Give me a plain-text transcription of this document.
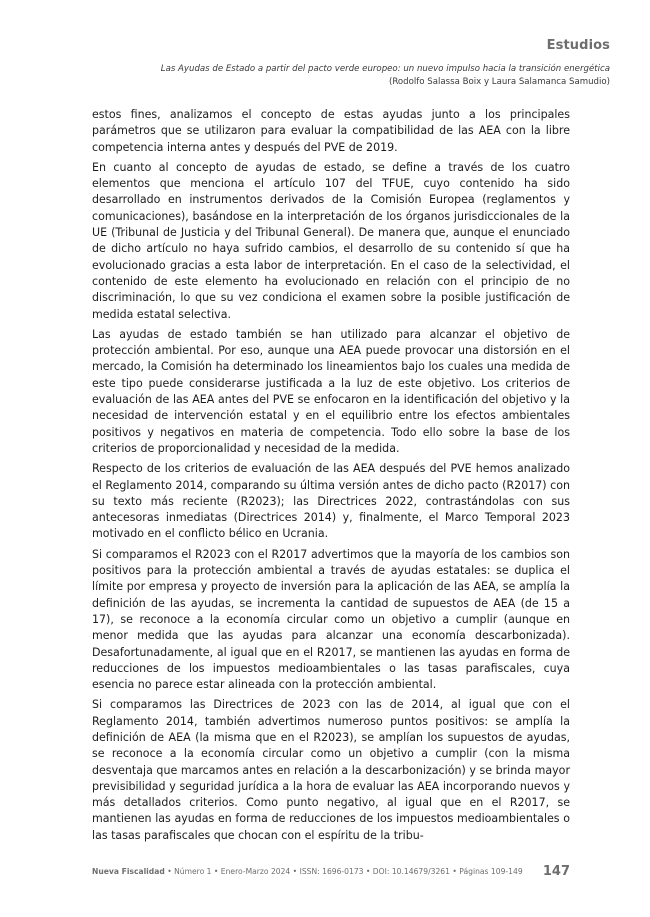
Estudios
Las Ayudas de Estado a partir del pacto verde europeo: un nuevo impulso hacia la transición energética
(Rodolfo Salassa Boix y Laura Salamanca Samudio)

estos fines, analizamos el concepto de estas ayudas junto a los principales parámetros que se utilizaron para evaluar la compatibilidad de las AEA con la libre competencia interna antes y después del PVE de 2019.

En cuanto al concepto de ayudas de estado, se define a través de los cuatro elementos que menciona el artículo 107 del TFUE, cuyo contenido ha sido desarrollado en instrumentos derivados de la Comisión Europea (reglamentos y comunicaciones), basándose en la interpretación de los órganos jurisdiccionales de la UE (Tribunal de Justicia y del Tribunal General). De manera que, aunque el enunciado de dicho artículo no haya sufrido cambios, el desarrollo de su contenido sí que ha evolucionado gracias a esta labor de interpretación. En el caso de la selectividad, el contenido de este elemento ha evolucionado en relación con el principio de no discriminación, lo que su vez condiciona el examen sobre la posible justificación de medida estatal selectiva.

Las ayudas de estado también se han utilizado para alcanzar el objetivo de protección ambiental. Por eso, aunque una AEA puede provocar una distorsión en el mercado, la Comisión ha determinado los lineamientos bajo los cuales una medida de este tipo puede considerarse justificada a la luz de este objetivo. Los criterios de evaluación de las AEA antes del PVE se enfocaron en la identificación del objetivo y la necesidad de intervención estatal y en el equilibrio entre los efectos ambientales positivos y negativos en materia de competencia. Todo ello sobre la base de los criterios de proporcionalidad y necesidad de la medida.

Respecto de los criterios de evaluación de las AEA después del PVE hemos analizado el Reglamento 2014, comparando su última versión antes de dicho pacto (R2017) con su texto más reciente (R2023); las Directrices 2022, contrastándolas con sus antecesoras inmediatas (Directrices 2014) y, finalmente, el Marco Temporal 2023 motivado en el conflicto bélico en Ucrania.

Si comparamos el R2023 con el R2017 advertimos que la mayoría de los cambios son positivos para la protección ambiental a través de ayudas estatales: se duplica el límite por empresa y proyecto de inversión para la aplicación de las AEA, se amplía la definición de las ayudas, se incrementa la cantidad de supuestos de AEA (de 15 a 17), se reconoce a la economía circular como un objetivo a cumplir (aunque en menor medida que las ayudas para alcanzar una economía descarbonizada). Desafortunadamente, al igual que en el R2017, se mantienen las ayudas en forma de reducciones de los impuestos medioambientales o las tasas parafiscales, cuya esencia no parece estar alineada con la protección ambiental.

Si comparamos las Directrices de 2023 con las de 2014, al igual que con el Reglamento 2014, también advertimos numeroso puntos positivos: se amplía la definición de AEA (la misma que en el R2023), se amplían los supuestos de ayudas, se reconoce a la economía circular como un objetivo a cumplir (con la misma desventaja que marcamos antes en relación a la descarbonización) y se brinda mayor previsibilidad y seguridad jurídica a la hora de evaluar las AEA incorporando nuevos y más detallados criterios. Como punto negativo, al igual que en el R2017, se mantienen las ayudas en forma de reducciones de los impuestos medioambientales o las tasas parafiscales que chocan con el espíritu de la tribu-

Nueva Fiscalidad • Número 1 • Enero-Marzo 2024 • ISSN: 1696-0173 • DOI: 10.14679/3261 • Páginas 109-149 147
